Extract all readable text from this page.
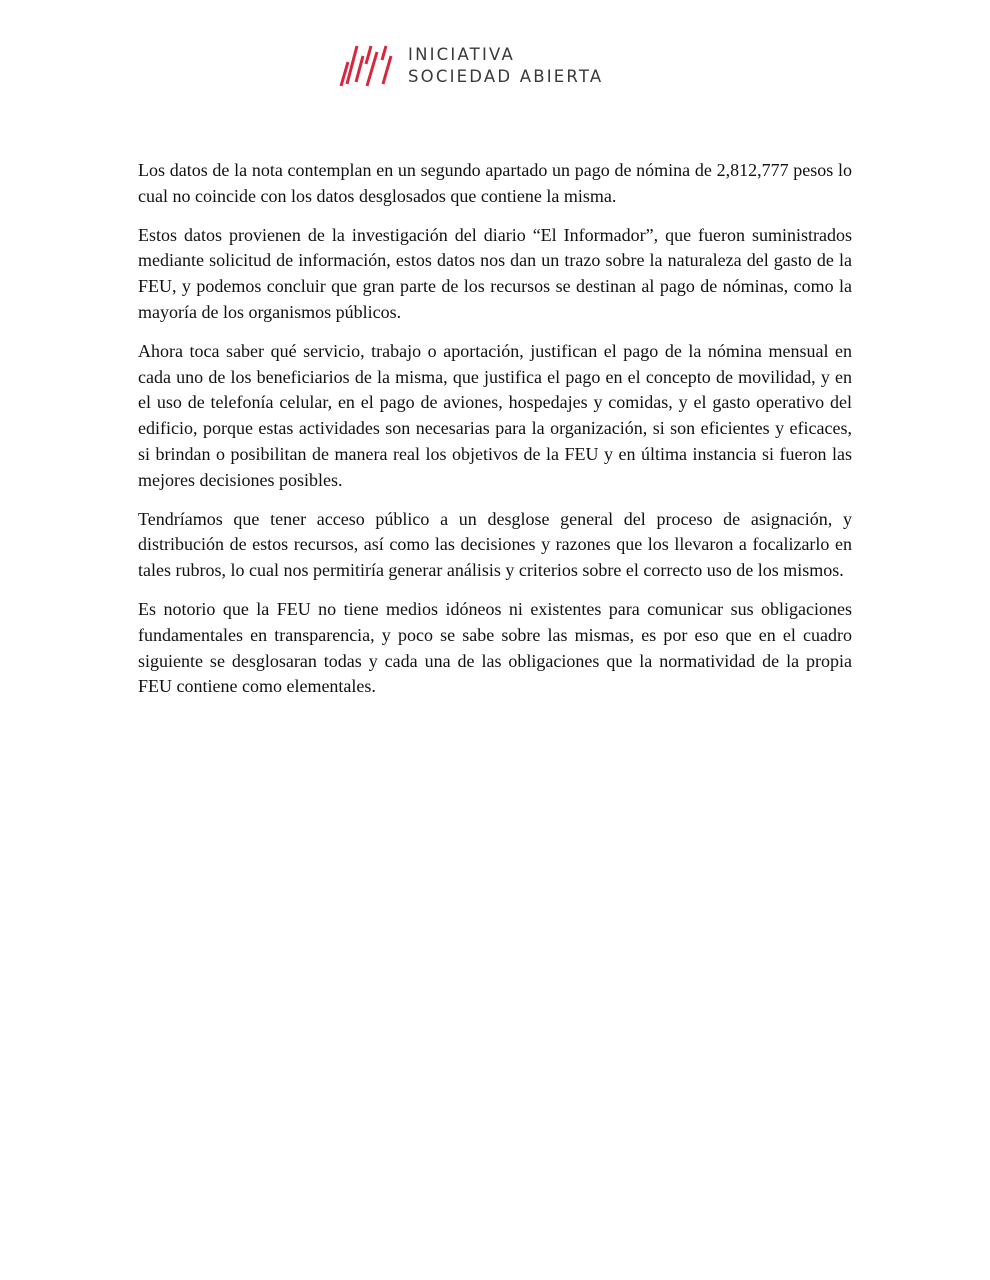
INICIATIVA
SOCIEDAD ABIERTA

Los datos de la nota contemplan en un segundo apartado un pago de nómina de 2,812,777 pesos lo cual no coincide con los datos desglosados que contiene la misma.

Estos datos provienen de la investigación del diario “El Informador”, que fueron suministrados mediante solicitud de información, estos datos nos dan un trazo sobre la naturaleza del gasto de la FEU, y podemos concluir que gran parte de los recursos se destinan al pago de nóminas, como la mayoría de los organismos públicos.

Ahora toca saber qué servicio, trabajo o aportación, justifican el pago de la nómina mensual en cada uno de los beneficiarios de la misma, que justifica el pago en el concepto de movilidad, y en el uso de telefonía celular, en el pago de aviones, hospedajes y comidas, y el gasto operativo del edificio, porque estas actividades son necesarias para la organización, si son eficientes y eficaces, si brindan o posibilitan de manera real los objetivos de la FEU y en última instancia si fueron las mejores decisiones posibles.

Tendríamos que tener acceso público a un desglose general del proceso de asignación, y distribución de estos recursos, así como las decisiones y razones que los llevaron a focalizarlo en tales rubros, lo cual nos permitiría generar análisis y criterios sobre el correcto uso de los mismos.

Es notorio que la FEU no tiene medios idóneos ni existentes para comunicar sus obligaciones fundamentales en transparencia, y poco se sabe sobre las mismas, es por eso que en el cuadro siguiente se desglosaran todas y cada una de las obligaciones que la normatividad de la propia FEU contiene como elementales.
